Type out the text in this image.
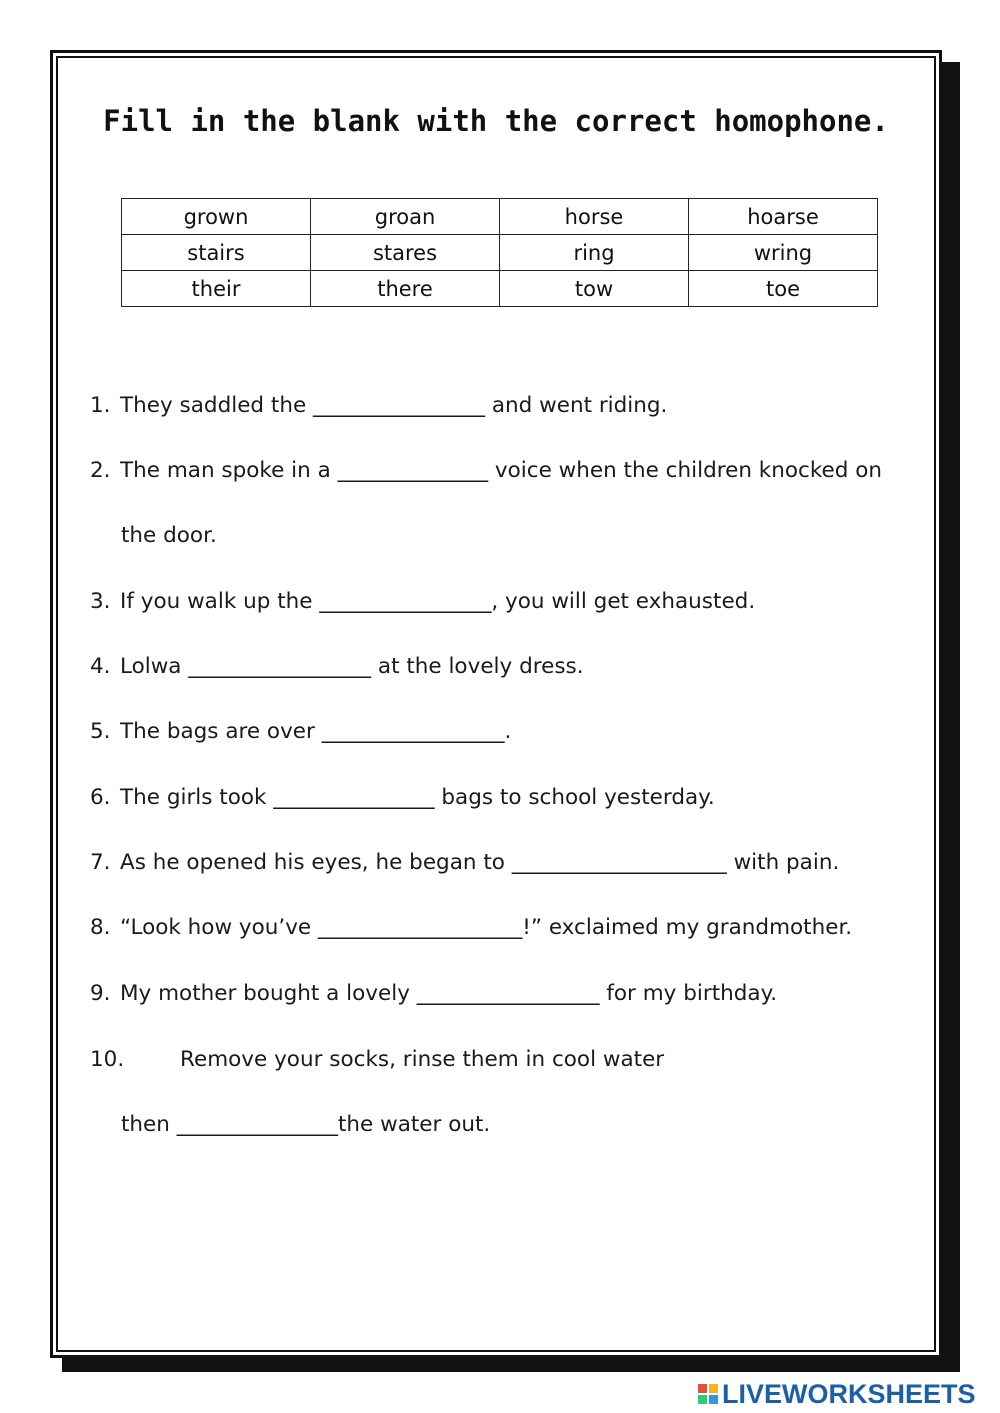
Fill in the blank with the correct homophone.
grown	groan	horse	hoarse
stairs	stares	ring	wring
their	there	tow	toe
1. They saddled the ________________ and went riding.
2. The man spoke in a ______________ voice when the children knocked on
the door.
3. If you walk up the ________________, you will get exhausted.
4. Lolwa _________________ at the lovely dress.
5. The bags are over _________________.
6. The girls took _______________ bags to school yesterday.
7. As he opened his eyes, he began to ____________________ with pain.
8. “Look how you’ve ___________________!” exclaimed my grandmother.
9. My mother bought a lovely _________________ for my birthday.
10.	Remove your socks, rinse them in cool water
then _______________the water out.
LIVEWORKSHEETS
